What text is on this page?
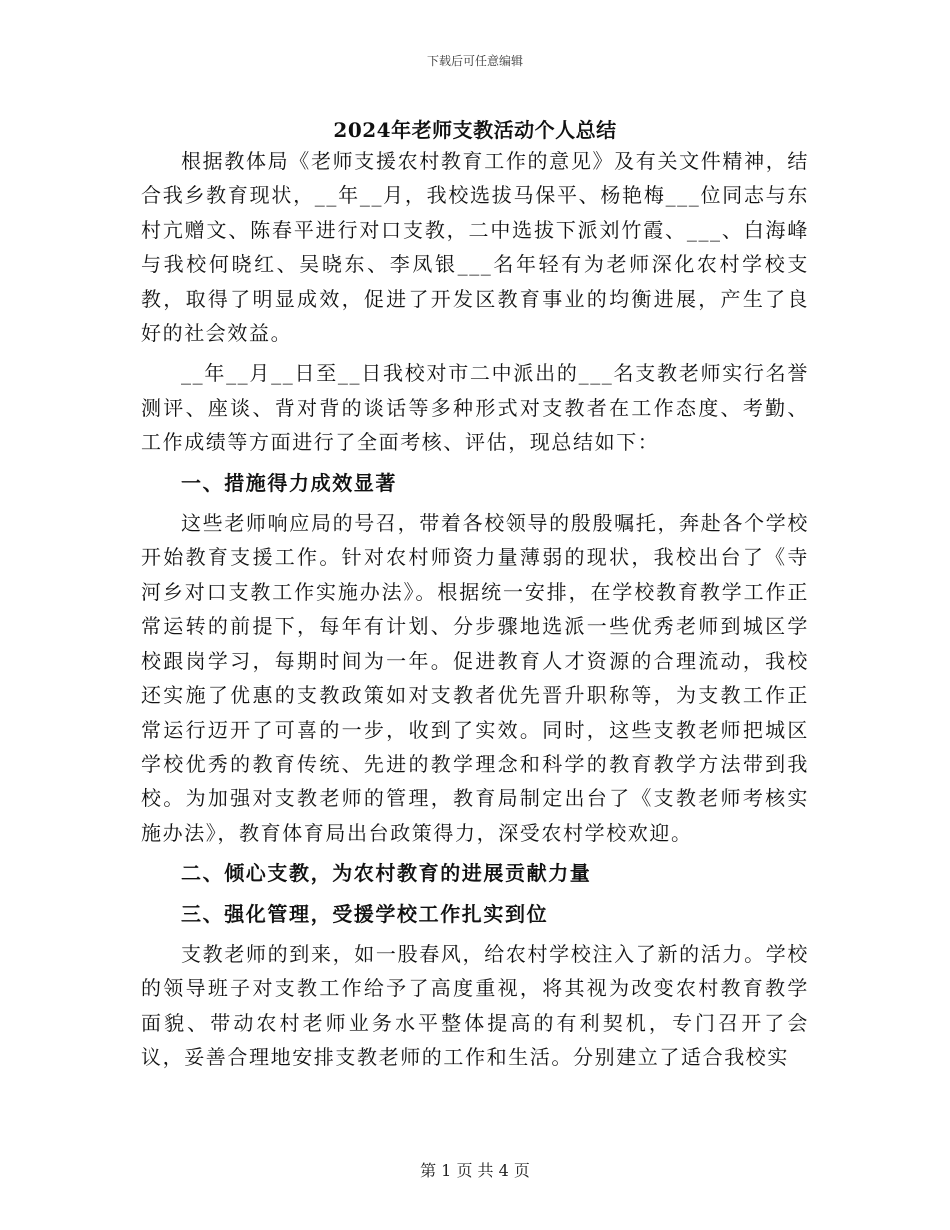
下载后可任意编辑
2024年老师支教活动个人总结

根据教体局《老师支援农村教育工作的意见》及有关文件精神，结合我乡教育现状，__年__月，我校选拔马保平、杨艳梅___位同志与东村亢赠文、陈春平进行对口支教，二中选拔下派刘竹霞、___、白海峰与我校何晓红、吴晓东、李凤银___名年轻有为老师深化农村学校支教，取得了明显成效，促进了开发区教育事业的均衡进展，产生了良好的社会效益。

__年__月__日至__日我校对市二中派出的___名支教老师实行名誉测评、座谈、背对背的谈话等多种形式对支教者在工作态度、考勤、工作成绩等方面进行了全面考核、评估，现总结如下：

一、措施得力成效显著

这些老师响应局的号召，带着各校领导的殷殷嘱托，奔赴各个学校开始教育支援工作。针对农村师资力量薄弱的现状，我校出台了《寺河乡对口支教工作实施办法》。根据统一安排，在学校教育教学工作正常运转的前提下，每年有计划、分步骤地选派一些优秀老师到城区学校跟岗学习，每期时间为一年。促进教育人才资源的合理流动，我校还实施了优惠的支教政策如对支教者优先晋升职称等，为支教工作正常运行迈开了可喜的一步，收到了实效。同时，这些支教老师把城区学校优秀的教育传统、先进的教学理念和科学的教育教学方法带到我校。为加强对支教老师的管理，教育局制定出台了《支教老师考核实施办法》，教育体育局出台政策得力，深受农村学校欢迎。

二、倾心支教，为农村教育的进展贡献力量

三、强化管理，受援学校工作扎实到位

支教老师的到来，如一股春风，给农村学校注入了新的活力。学校的领导班子对支教工作给予了高度重视，将其视为改变农村教育教学面貌、带动农村老师业务水平整体提高的有利契机，专门召开了会议，妥善合理地安排支教老师的工作和生活。分别建立了适合我校实

第 1 页 共 4 页
